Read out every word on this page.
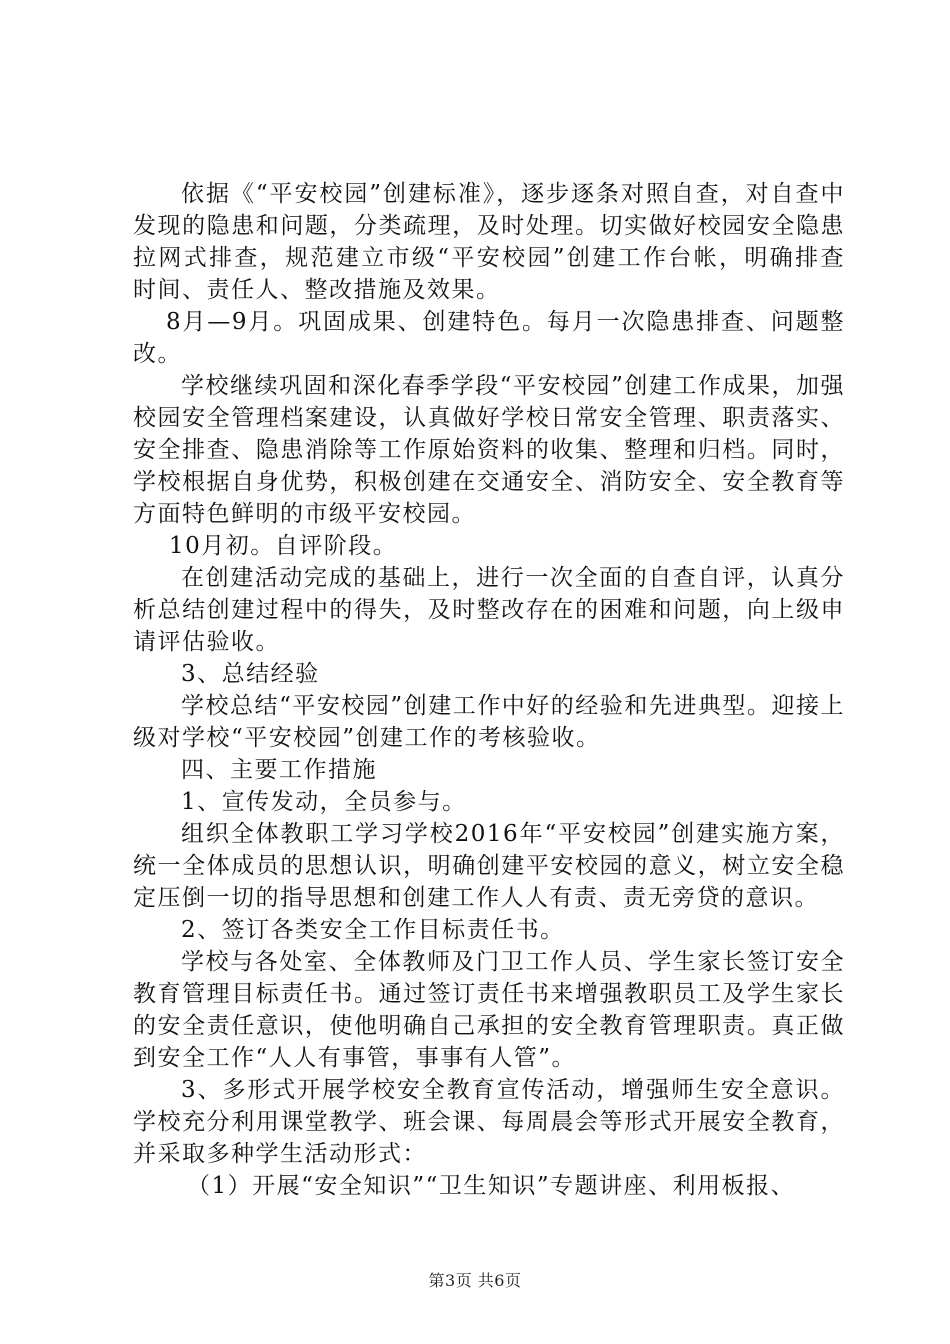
依据《“平安校园”创建标准》，逐步逐条对照自查，对自查中发现的隐患和问题，分类疏理，及时处理。切实做好校园安全隐患拉网式排查，规范建立市级“平安校园”创建工作台帐，明确排查时间、责任人、整改措施及效果。

8月—9月。巩固成果、创建特色。每月一次隐患排查、问题整改。

学校继续巩固和深化春季学段“平安校园”创建工作成果，加强校园安全管理档案建设，认真做好学校日常安全管理、职责落实、安全排查、隐患消除等工作原始资料的收集、整理和归档。同时，学校根据自身优势，积极创建在交通安全、消防安全、安全教育等方面特色鲜明的市级平安校园。

10月初。自评阶段。

在创建活动完成的基础上，进行一次全面的自查自评，认真分析总结创建过程中的得失，及时整改存在的困难和问题，向上级申请评估验收。

3、总结经验

学校总结“平安校园”创建工作中好的经验和先进典型。迎接上级对学校“平安校园”创建工作的考核验收。

四、主要工作措施

1、宣传发动，全员参与。

组织全体教职工学习学校2016年“平安校园”创建实施方案，统一全体成员的思想认识，明确创建平安校园的意义，树立安全稳定压倒一切的指导思想和创建工作人人有责、责无旁贷的意识。

2、签订各类安全工作目标责任书。

学校与各处室、全体教师及门卫工作人员、学生家长签订安全教育管理目标责任书。通过签订责任书来增强教职员工及学生家长的安全责任意识，使他明确自己承担的安全教育管理职责。真正做到安全工作“人人有事管，事事有人管”。

3、多形式开展学校安全教育宣传活动，增强师生安全意识。学校充分利用课堂教学、班会课、每周晨会等形式开展安全教育，并采取多种学生活动形式：

（1）开展“安全知识”“卫生知识”专题讲座、利用板报、

第3页 共6页
